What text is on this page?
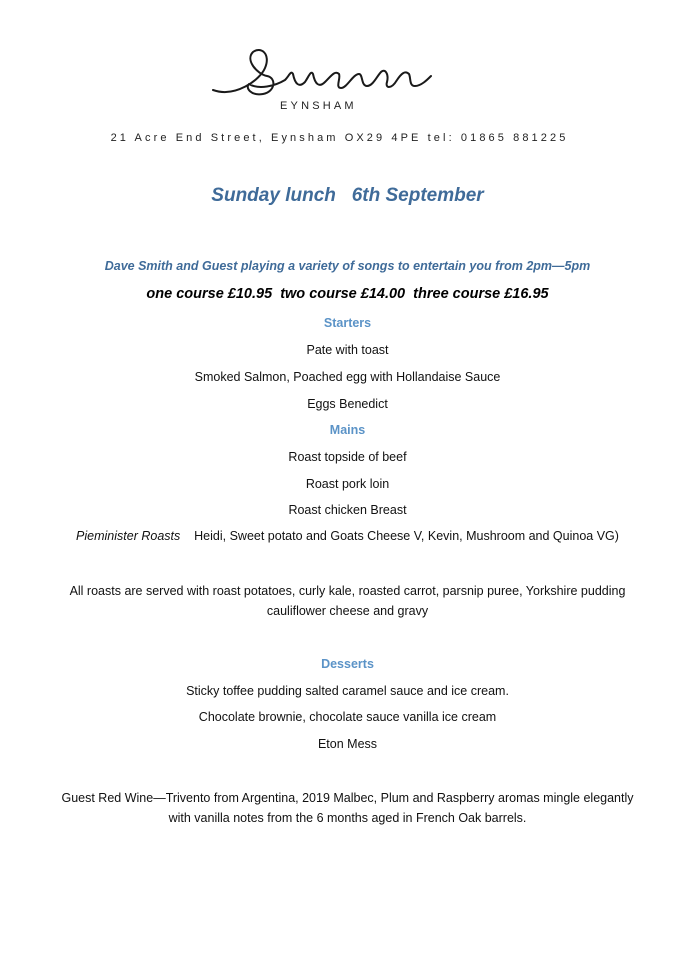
EYNSHAM
21 Acre End Street, Eynsham OX29 4PE tel: 01865 881225
Sunday lunch   6th September
Dave Smith and Guest playing a variety of songs to entertain you from 2pm—5pm
one course £10.95  two course £14.00  three course £16.95
Starters
Pate with toast
Smoked Salmon, Poached egg with Hollandaise Sauce
Eggs Benedict
Mains
Roast topside of beef
Roast pork loin
Roast chicken Breast
Pieminister Roasts Heidi, Sweet potato and Goats Cheese V, Kevin, Mushroom and Quinoa VG)
All roasts are served with roast potatoes, curly kale, roasted carrot, parsnip puree, Yorkshire pudding
cauliflower cheese and gravy
Desserts
Sticky toffee pudding salted caramel sauce and ice cream.
Chocolate brownie, chocolate sauce vanilla ice cream
Eton Mess
Guest Red Wine—Trivento from Argentina, 2019 Malbec, Plum and Raspberry aromas mingle elegantly
with vanilla notes from the 6 months aged in French Oak barrels.
